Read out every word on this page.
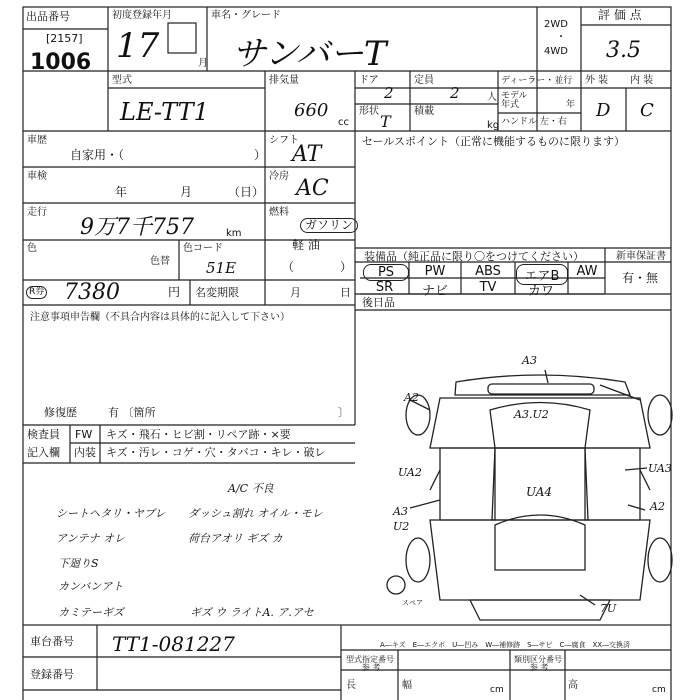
出品番号
[2157]
1006
初度登録年月
17	月
車名・グレード
サンバーT
2WD
・
4WD
評 価 点
3.5
型式
LE-TT1
排気量
660
cc
ドア
2
定員
2	人
形状
T
積載
kg
ディーラー・並行
モデル
年式	年
ハンドル 左・右
外 装 内 装
D C
車歴
自家用・（	）
シフト
AT
セールスポイント（正常に機能するものに限ります）
車検
年	月	（日）
冷房 AC
走行
9万7千757	km
燃料
ガソリン
軽 油
（	）
色
色替
色コード
51E
装備品（純正品に限り〇をつけてください）	新車保証書
有・無
PS	PW	ABS	エアB	AW
SR	ナビ	TV	カワ
R券 7380	円 名変期限	月	日
後日品
注意事項申告欄（不具合内容は具体的に記入して下さい）
修復歴	有 〔箇所	〕
検査員
記入欄
FW キズ・飛石・ヒビ割・リペア跡・×要
内装 キズ・汚レ・コゲ・穴・タバコ・キレ・破レ
A/C 不良
シートヘタリ・ヤブレ ダッシュ割れ オイル・モレ
アンテナ オレ	荷台アオリ ギズ カ
下廻りS
カンバンアト
カミテーギズ	ギズ ウ ライトA. ア.アセ
A3
A2
A3.U2
UA2	UA3
UA4
A3
U2
A2
7U
スペア
A―キズ　E―エクボ　U―凹み　W―補修跡　S―サビ　C―腐食　XX―交換済
車台番号 TT1-081227
登録番号
型式指定番号
参 考
類別区分番号
参 考
長	cm
幅	高	cm
